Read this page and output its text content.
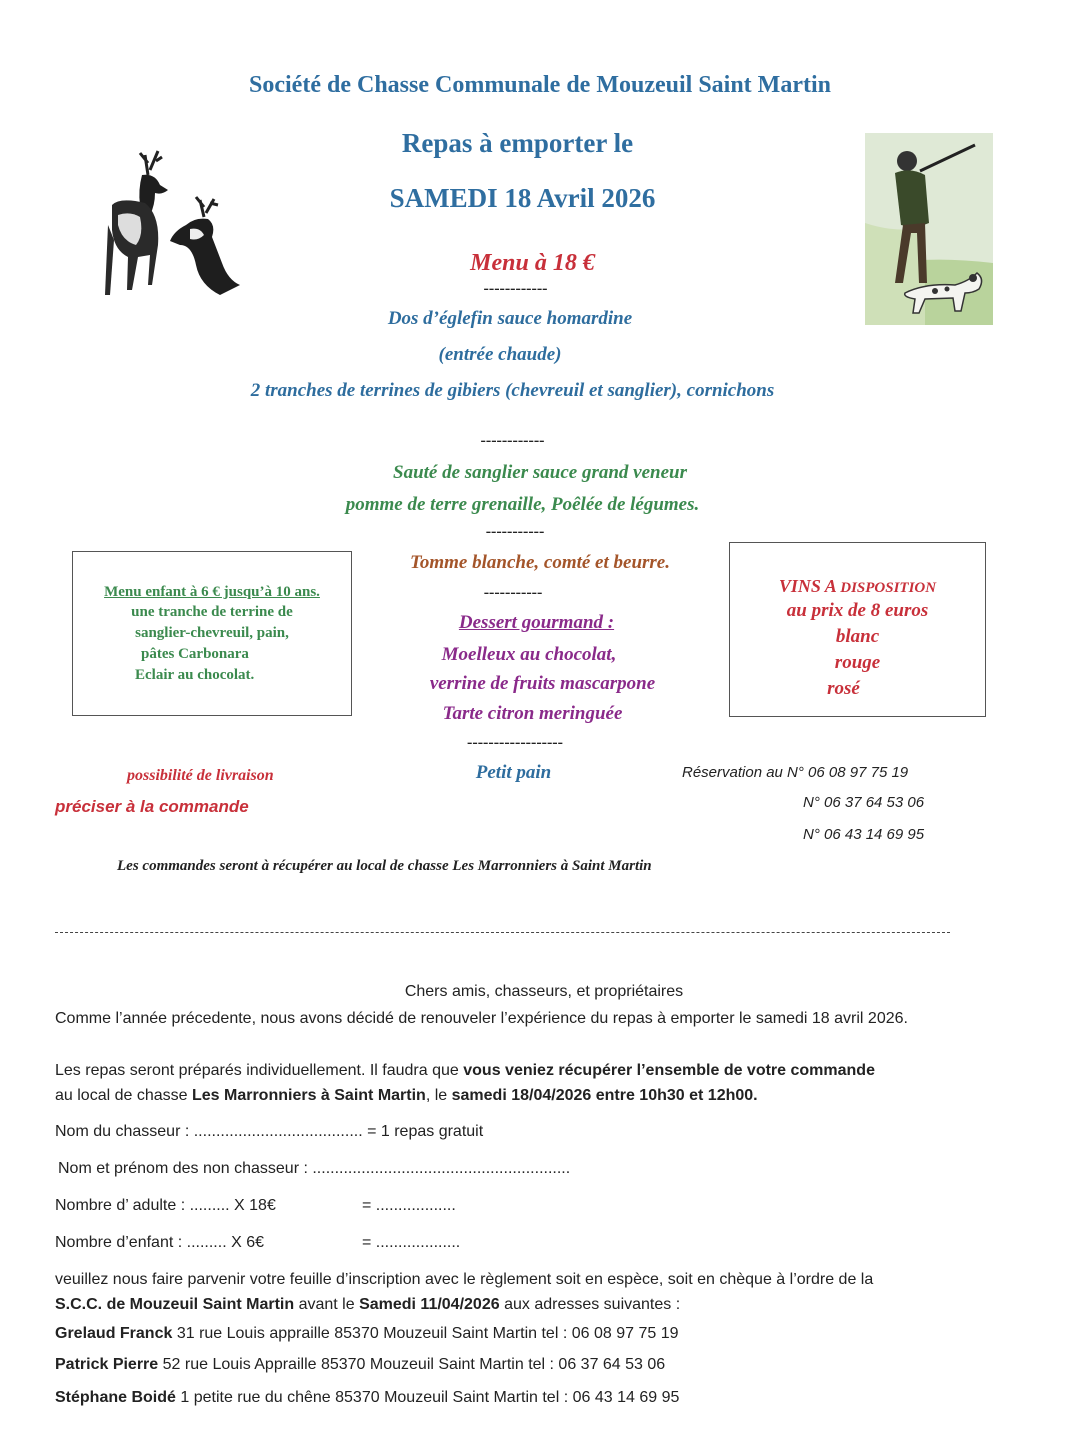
Société de Chasse Communale de Mouzeuil Saint Martin
Repas à emporter le
SAMEDI 18 Avril 2026
Menu à 18 €
------------
Dos d’églefin sauce homardine
(entrée chaude)
2 tranches de terrines de gibiers (chevreuil et sanglier), cornichons
------------
Sauté de sanglier sauce grand veneur
pomme de terre grenaille, Poêlée de légumes.
-----------
Tomme blanche, comté et beurre.
-----------
Dessert gourmand :
Moelleux au chocolat,
verrine de fruits mascarpone
Tarte citron meringuée
------------------
Petit pain
Menu enfant à 6 € jusqu’à 10 ans.
une tranche de terrine de
sanglier-chevreuil, pain,
pâtes Carbonara
Eclair au chocolat.
VINS A DISPOSITION
au prix de 8 euros
blanc
rouge
rosé
possibilité de livraison
préciser à la commande
Réservation au N° 06 08 97 75 19
N° 06 37 64 53 06
N° 06 43 14 69 95
Les commandes seront à récupérer au local de chasse Les Marronniers à Saint Martin
Chers amis, chasseurs, et propriétaires
Comme l’année précedente, nous avons décidé de renouveler l’expérience du repas à emporter le samedi 18 avril 2026.
Les repas seront préparés individuellement. Il faudra que vous veniez récupérer l’ensemble de votre commande
au local de chasse Les Marronniers à Saint Martin, le samedi 18/04/2026 entre 10h30 et 12h00.
Nom du chasseur : ...................................... = 1 repas gratuit
Nom et prénom des non chasseur : ..........................................................
Nombre d’ adulte : ......... X 18€	= ..................
Nombre d’enfant : ......... X 6€	= ...................
veuillez nous faire parvenir votre feuille d’inscription avec le règlement soit en espèce, soit en chèque à l’ordre de la
S.C.C. de Mouzeuil Saint Martin avant le Samedi 11/04/2026 aux adresses suivantes :
Grelaud Franck 31 rue Louis appraille 85370 Mouzeuil Saint Martin tel : 06 08 97 75 19
Patrick Pierre 52 rue Louis Appraille 85370 Mouzeuil Saint Martin tel : 06 37 64 53 06
Stéphane Boidé 1 petite rue du chêne 85370 Mouzeuil Saint Martin tel : 06 43 14 69 95
